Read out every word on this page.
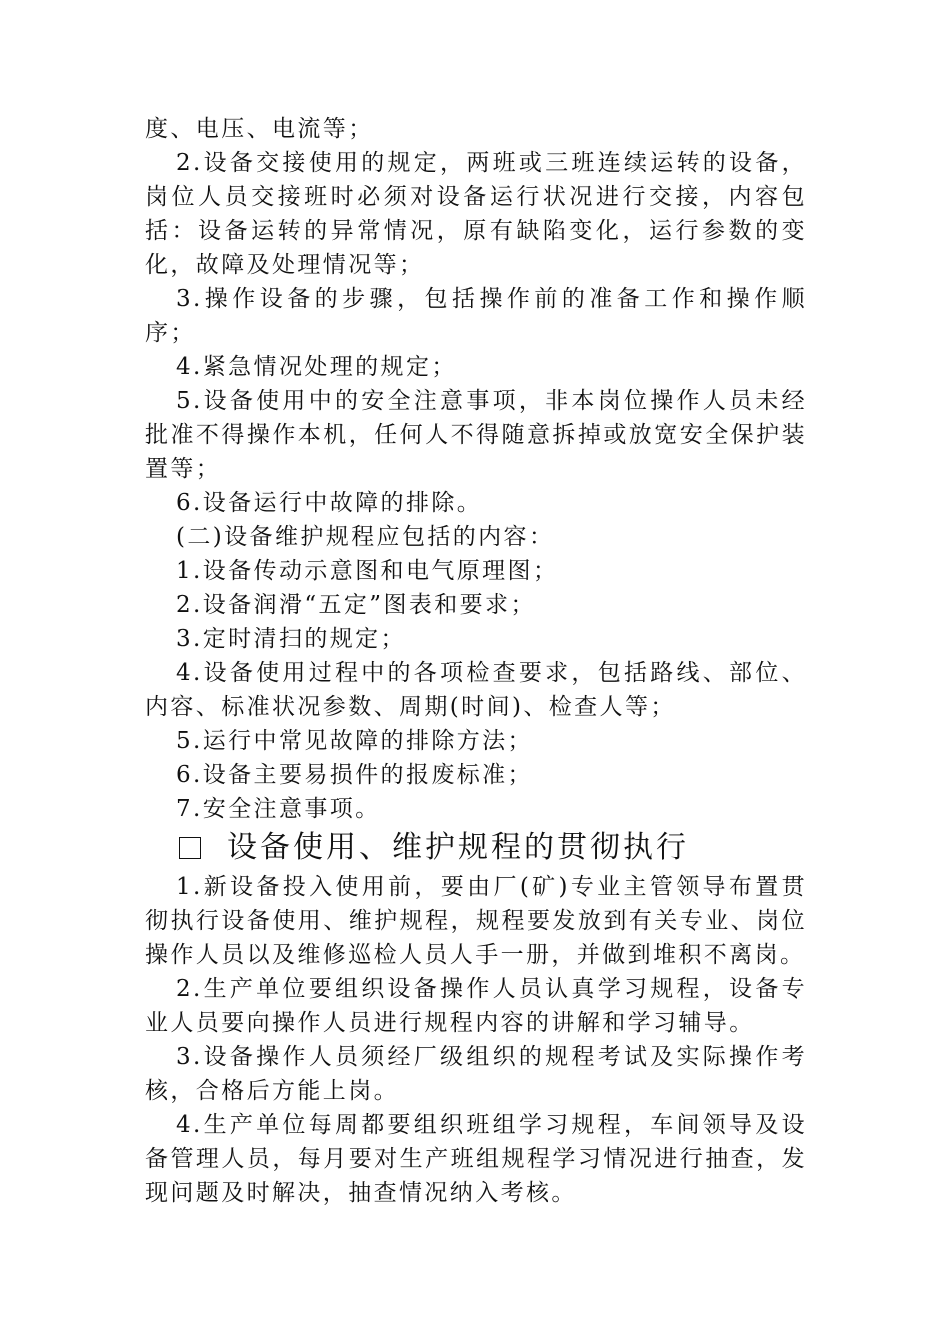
度、电压、电流等；

2.设备交接使用的规定，两班或三班连续运转的设备，岗位人员交接班时必须对设备运行状况进行交接，内容包括：设备运转的异常情况，原有缺陷变化，运行参数的变化，故障及处理情况等；

3.操作设备的步骤，包括操作前的准备工作和操作顺序；

4.紧急情况处理的规定；

5.设备使用中的安全注意事项，非本岗位操作人员未经批准不得操作本机，任何人不得随意拆掉或放宽安全保护装置等；

6.设备运行中故障的排除。

(二)设备维护规程应包括的内容：

1.设备传动示意图和电气原理图；

2.设备润滑“五定”图表和要求；

3.定时清扫的规定；

4.设备使用过程中的各项检查要求，包括路线、部位、内容、标准状况参数、周期(时间)、检查人等；

5.运行中常见故障的排除方法；

6.设备主要易损件的报废标准；

7.安全注意事项。

设备使用、维护规程的贯彻执行

1.新设备投入使用前，要由厂(矿)专业主管领导布置贯彻执行设备使用、维护规程，规程要发放到有关专业、岗位操作人员以及维修巡检人员人手一册，并做到堆积不离岗。

2.生产单位要组织设备操作人员认真学习规程，设备专业人员要向操作人员进行规程内容的讲解和学习辅导。

3.设备操作人员须经厂级组织的规程考试及实际操作考核，合格后方能上岗。

4.生产单位每周都要组织班组学习规程，车间领导及设备管理人员，每月要对生产班组规程学习情况进行抽查，发现问题及时解决，抽查情况纳入考核。
